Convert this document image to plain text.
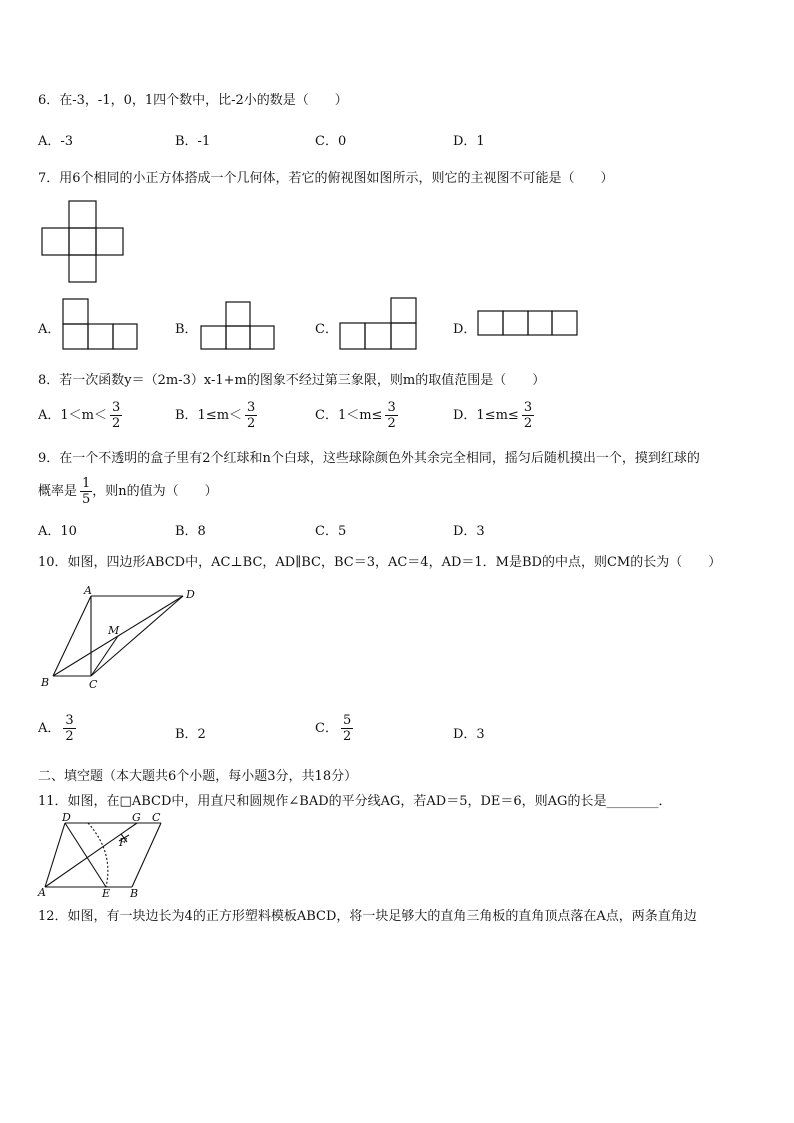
6．在-3，-1，0，1四个数中，比-2小的数是（　　）
A．-3	B．-1	C．0	D．1
7．用6个相同的小正方体搭成一个几何体，若它的俯视图如图所示，则它的主视图不可能是（　　）
A．	B．	C．	D．
8．若一次函数y＝（2m-3）x-1+m的图象不经过第三象限，则m的取值范围是（　　）
A．$1<m< \frac{3}{2}$	B．$1\le m< \frac{3}{2}$	C．$1<m\le \frac{3}{2}$	D．$1\le m\le \frac{3}{2}$
9．在一个不透明的盒子里有2个红球和n个白球，这些球除颜色外其余完全相同，摇匀后随机摸出一个，摸到红球的
概率是 $\frac{1}{5}$ ，则n的值为（　　）
A．10	B．8	C．5	D．3
10．如图，四边形ABCD中，AC⊥BC，AD∥BC，BC＝3，AC＝4，AD＝1．M是BD的中点，则CM的长为（　　）
A	D
M
B	C
A． $\frac{3}{2}$	B．2	C． $\frac{5}{2}$	D．3
二、填空题（本大题共6个小题，每小题3分，共18分）
11．如图，在□ABCD中，用直尺和圆规作∠BAD的平分线AG，若AD＝5，DE＝6，则AG的长是________．
D	G C
F
A	E B
12．如图，有一块边长为4的正方形塑料模板ABCD，将一块足够大的直角三角板的直角顶点落在A点，两条直角边
